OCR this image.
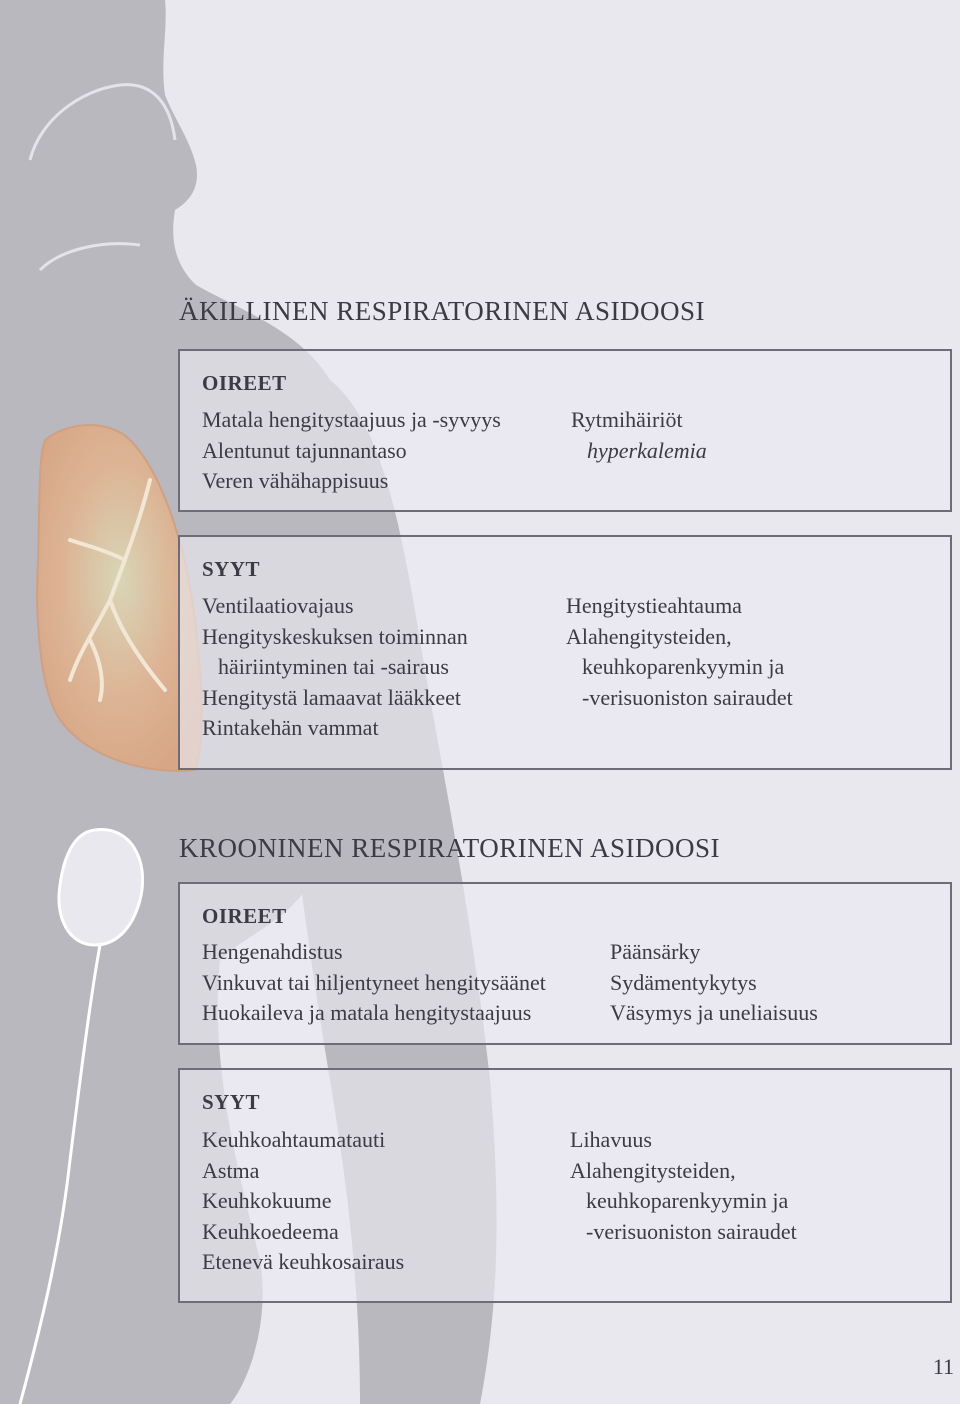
ÄKILLINEN RESPIRATORINEN ASIDOOSI
OIREET
Matala hengitystaajuus ja -syvyys
Alentunut tajunnantaso
Veren vähähappisuus
Rytmihäiriöt
hyperkalemia
SYYT
Ventilaatiovajaus
Hengityskeskuksen toiminnan
häiriintyminen tai -sairaus
Hengitystä lamaavat lääkkeet
Rintakehän vammat
Hengitystieahtauma
Alahengitysteiden,
keuhkoparenkyymin ja
-verisuoniston sairaudet
KROONINEN RESPIRATORINEN ASIDOOSI
OIREET
Hengenahdistus
Vinkuvat tai hiljentyneet hengitysäänet
Huokaileva ja matala hengitystaajuus
Päänsärky
Sydämentykytys
Väsymys ja uneliaisuus
SYYT
Keuhkoahtaumatauti
Astma
Keuhkokuume
Keuhkoedeema
Etenevä keuhkosairaus
Lihavuus
Alahengitysteiden,
keuhkoparenkyymin ja
-verisuoniston sairaudet
11
